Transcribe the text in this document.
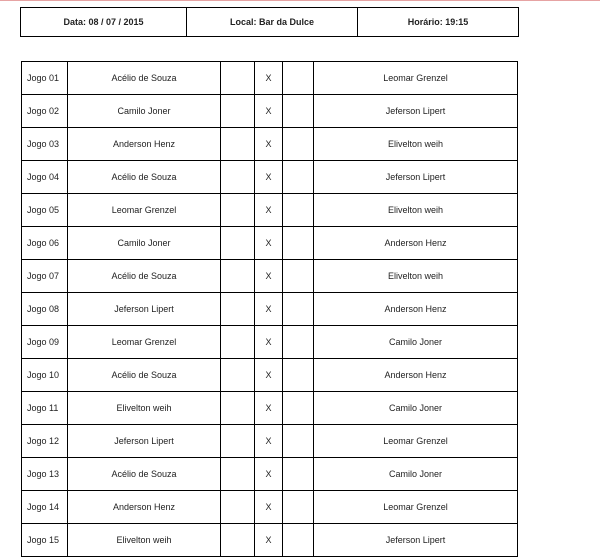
Data: 08 / 07 / 2015	Local: Bar da Dulce	Horário: 19:15
Jogo 01	Acélio de Souza		X		Leomar Grenzel
Jogo 02	Camilo Joner		X		Jeferson Lipert
Jogo 03	Anderson Henz		X		Elivelton weih
Jogo 04	Acélio de Souza		X		Jeferson Lipert
Jogo 05	Leomar Grenzel		X		Elivelton weih
Jogo 06	Camilo Joner		X		Anderson Henz
Jogo 07	Acélio de Souza		X		Elivelton weih
Jogo 08	Jeferson Lipert		X		Anderson Henz
Jogo 09	Leomar Grenzel		X		Camilo Joner
Jogo 10	Acélio de Souza		X		Anderson Henz
Jogo 11	Elivelton weih		X		Camilo Joner
Jogo 12	Jeferson Lipert		X		Leomar Grenzel
Jogo 13	Acélio de Souza		X		Camilo Joner
Jogo 14	Anderson Henz		X		Leomar Grenzel
Jogo 15	Elivelton weih		X		Jeferson Lipert
